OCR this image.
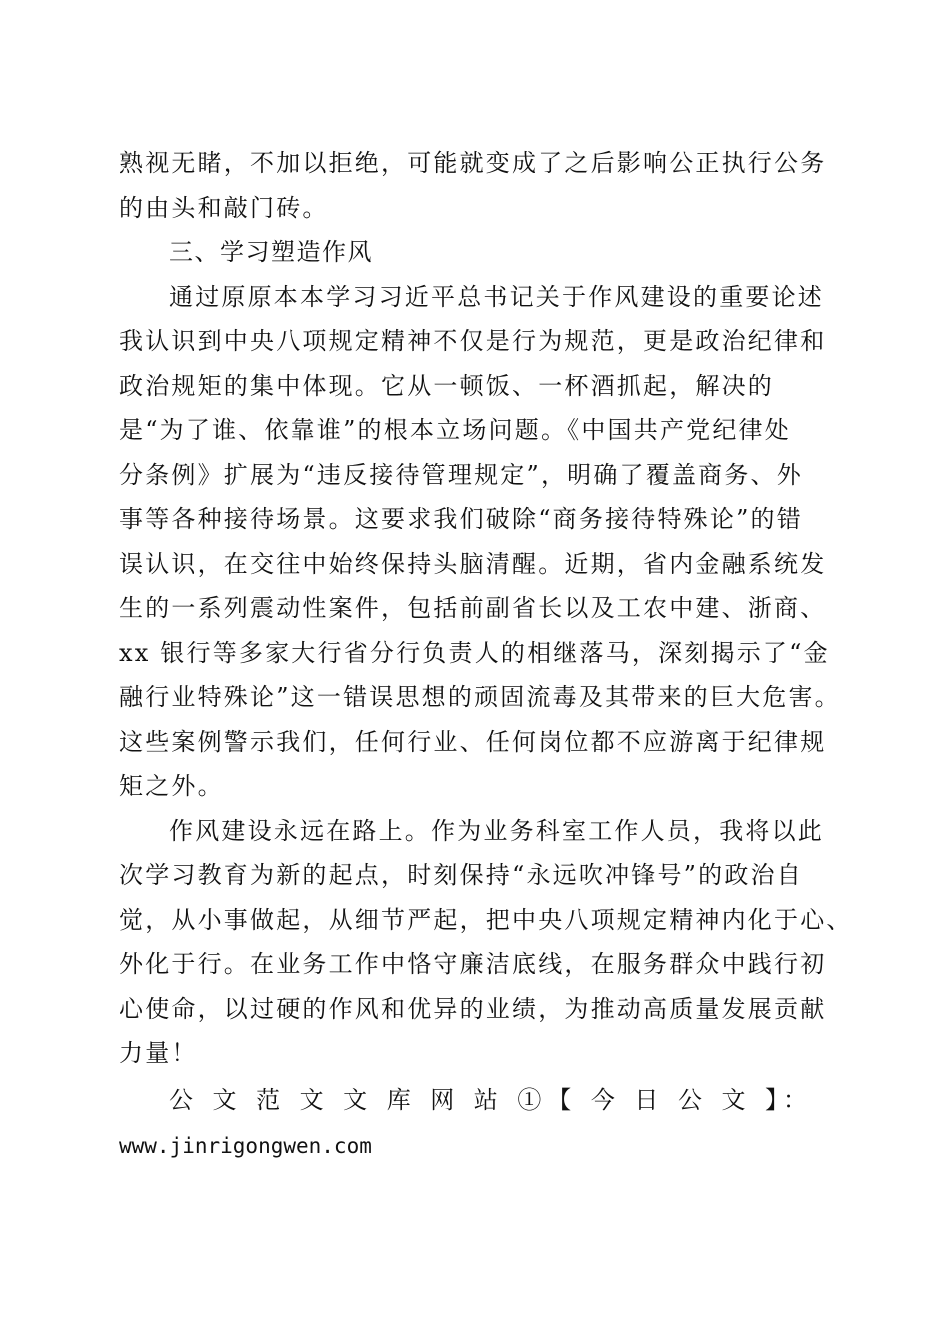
熟视无睹，不加以拒绝，可能就变成了之后影响公正执行公务
的由头和敲门砖。
三、学习塑造作风
通过原原本本学习习近平总书记关于作风建设的重要论述
我认识到中央八项规定精神不仅是行为规范，更是政治纪律和
政治规矩的集中体现。它从一顿饭、一杯酒抓起，解决的
是“为了谁、依靠谁”的根本立场问题。《中国共产党纪律处
分条例》扩展为“违反接待管理规定”，明确了覆盖商务、外
事等各种接待场景。这要求我们破除“商务接待特殊论”的错
误认识，在交往中始终保持头脑清醒。近期，省内金融系统发
生的一系列震动性案件，包括前副省长以及工农中建、浙商、
xx 银行等多家大行省分行负责人的相继落马，深刻揭示了“金
融行业特殊论”这一错误思想的顽固流毒及其带来的巨大危害。
这些案例警示我们，任何行业、任何岗位都不应游离于纪律规
矩之外。
作风建设永远在路上。作为业务科室工作人员，我将以此
次学习教育为新的起点，时刻保持“永远吹冲锋号”的政治自
觉，从小事做起，从细节严起，把中央八项规定精神内化于心、
外化于行。在业务工作中恪守廉洁底线，在服务群众中践行初
心使命，以过硬的作风和优异的业绩，为推动高质量发展贡献
力量！
公 文 范 文 文 库 网 站 ①【 今 日 公 文 】：
www.jinrigongwen.com
